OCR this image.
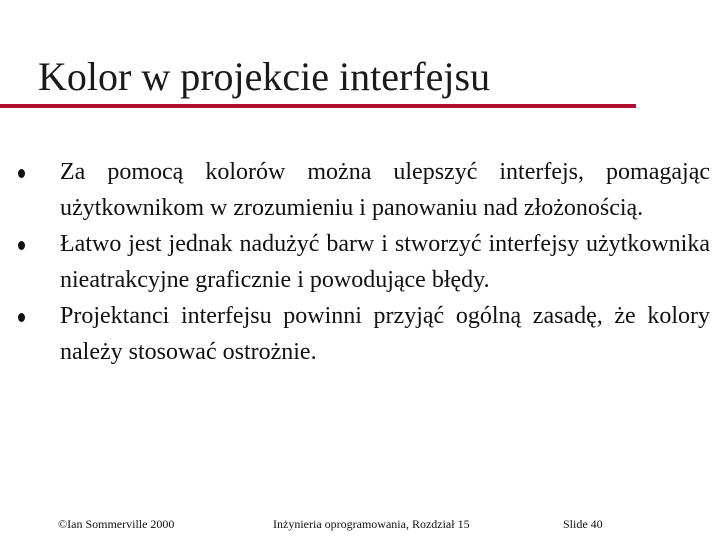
Kolor w projekcie interfejsu
Za pomocą kolorów można ulepszyć interfejs, pomagając użytkownikom w zrozumieniu i panowaniu nad złożonością.
Łatwo jest jednak nadużyć barw i stworzyć interfejsy użytkownika nieatrakcyjne graficznie i powodujące błędy.
Projektanci interfejsu powinni przyjąć ogólną zasadę, że kolory należy stosować ostrożnie.
©Ian Sommerville 2000	Inżynieria oprogramowania, Rozdział 15	Slide 40
